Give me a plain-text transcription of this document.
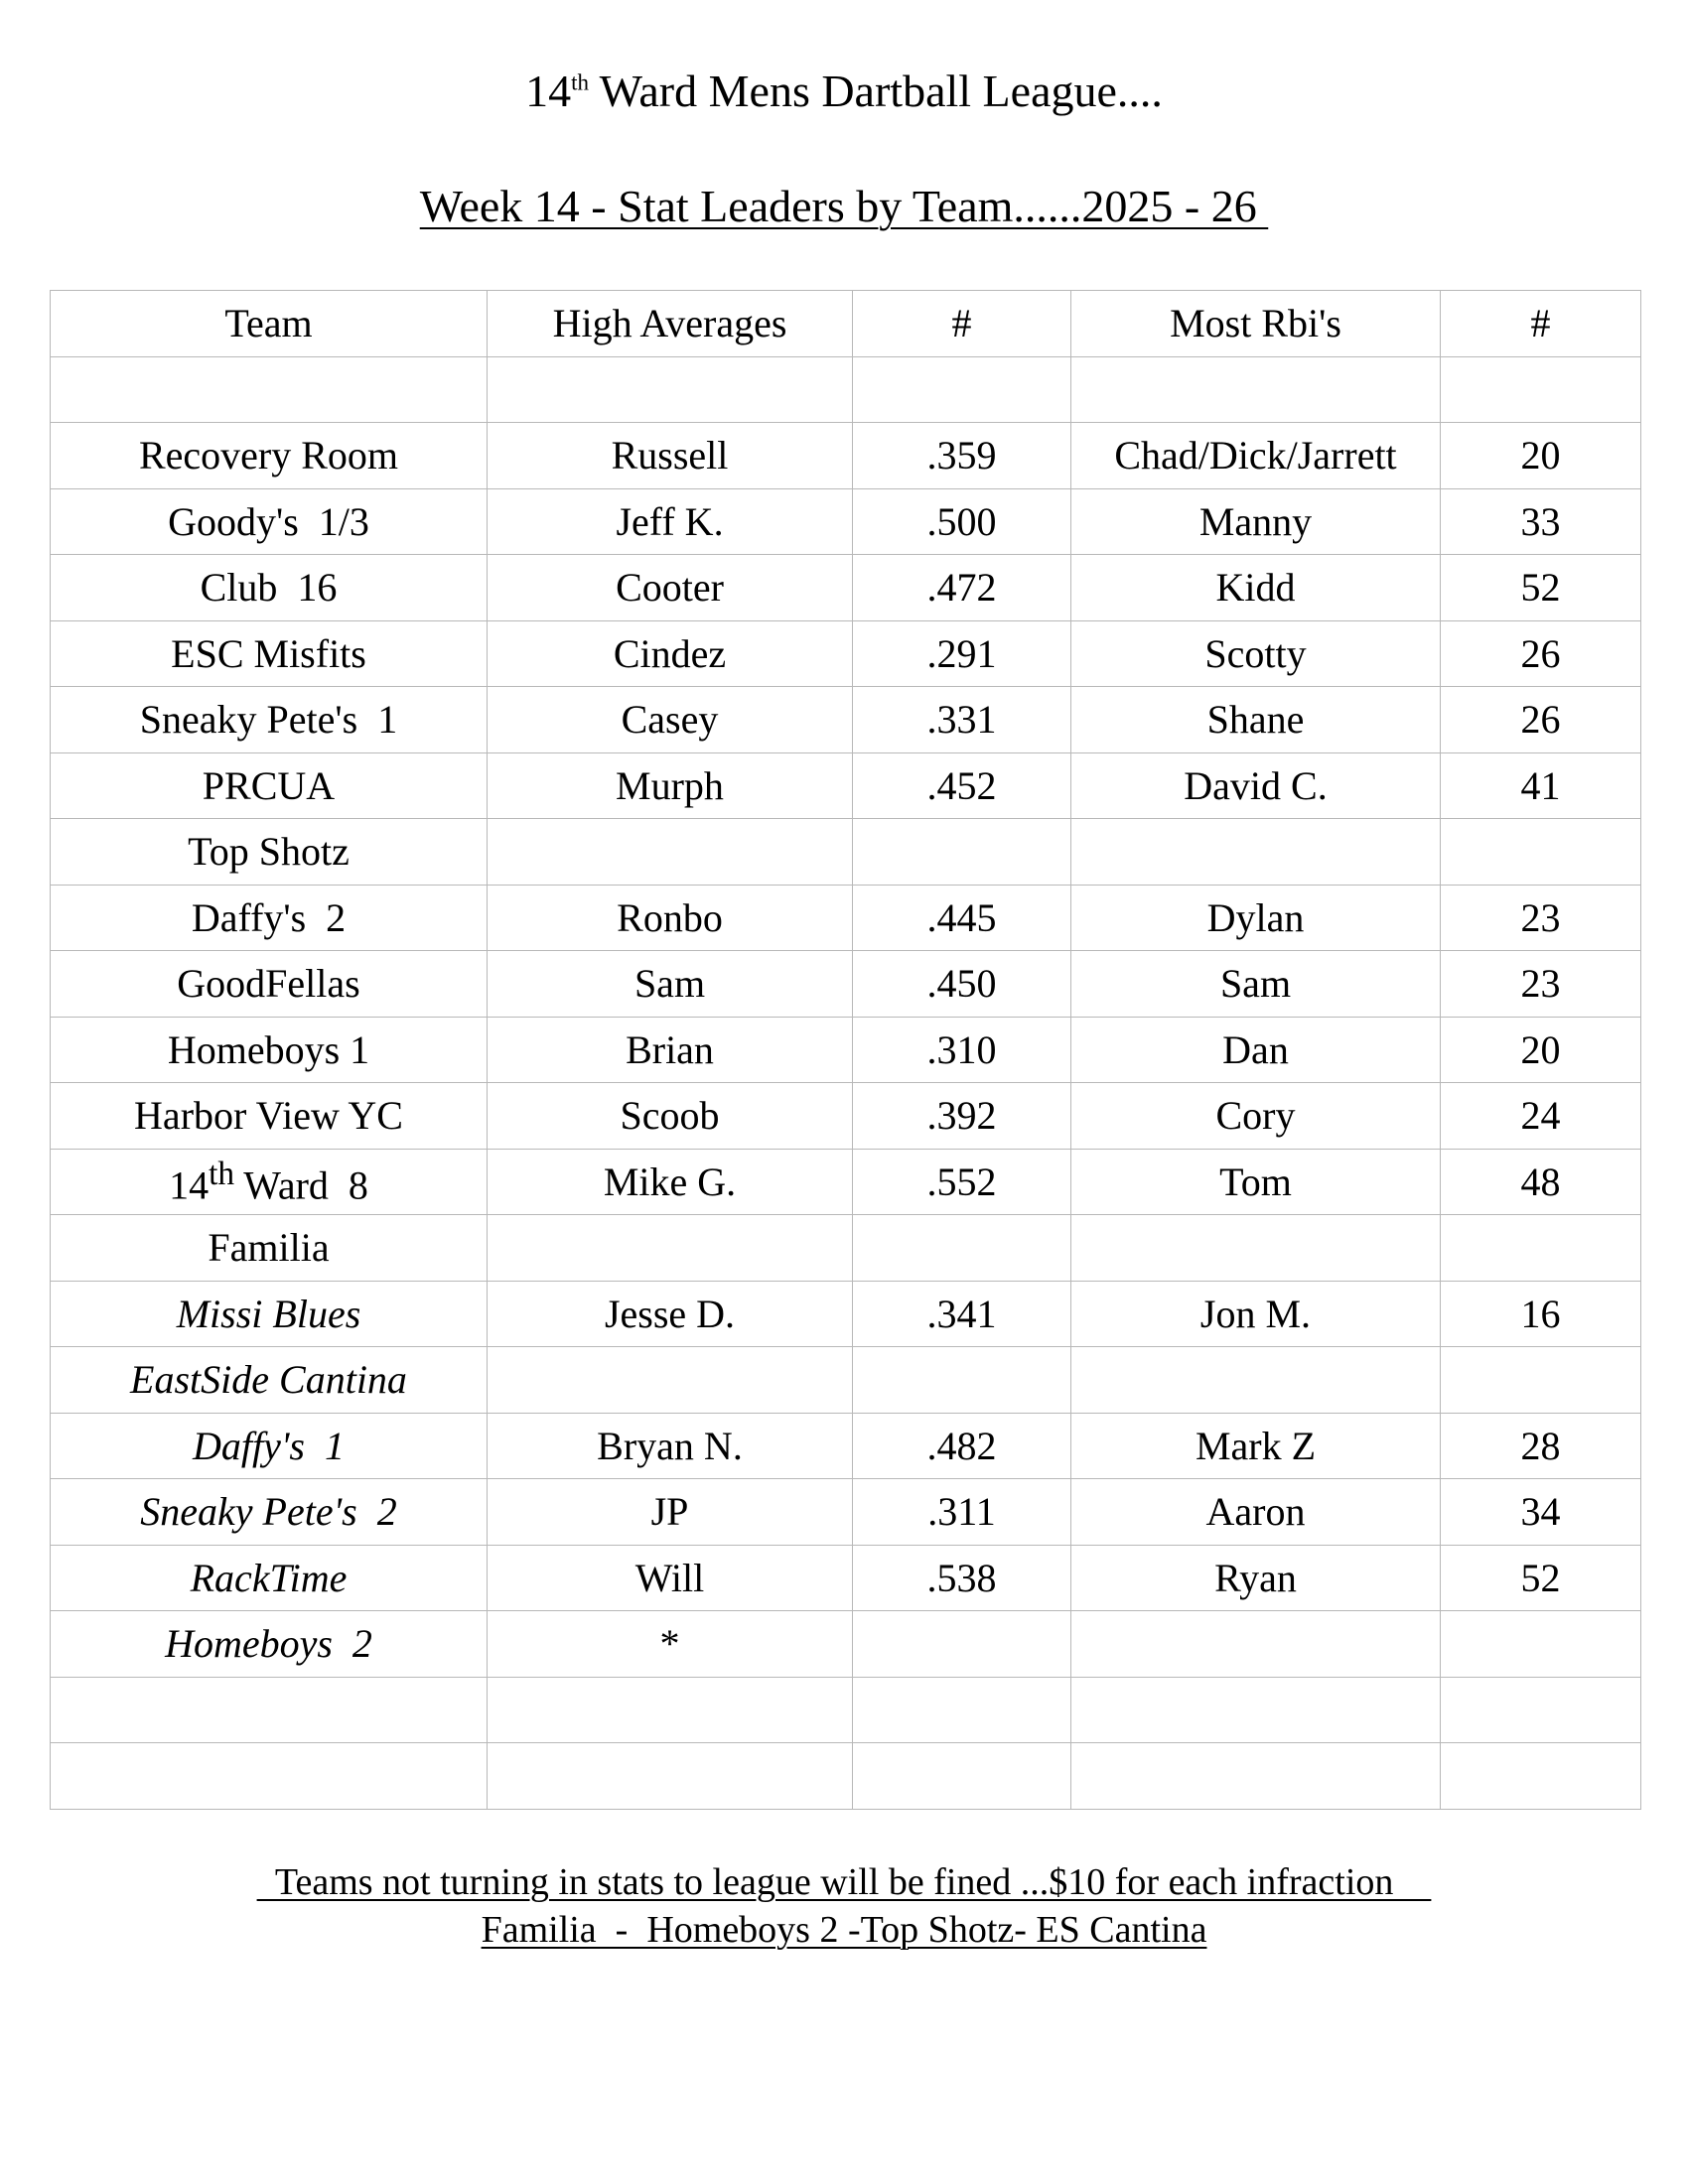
14th Ward Mens Dartball League....
Week 14 - Stat Leaders by Team......2025 - 26
Team	High Averages	#	Most Rbi's	#

Recovery Room	Russell	.359	Chad/Dick/Jarrett	20
Goody's  1/3	Jeff K.	.500	Manny	33
Club  16	Cooter	.472	Kidd	52
ESC Misfits	Cindez	.291	Scotty	26
Sneaky Pete's  1	Casey	.331	Shane	26
PRCUA	Murph	.452	David C.	41
Top Shotz				
Daffy's  2	Ronbo	.445	Dylan	23
GoodFellas	Sam	.450	Sam	23
Homeboys 1	Brian	.310	Dan	20
Harbor View YC	Scoob	.392	Cory	24
14th Ward  8	Mike G.	.552	Tom	48
Familia				
Missi Blues	Jesse D.	.341	Jon M.	16
EastSide Cantina				
Daffy's  1	Bryan N.	.482	Mark Z	28
Sneaky Pete's  2	JP	.311	Aaron	34
RackTime	Will	.538	Ryan	52
Homeboys  2	*			

Teams not turning in stats to league will be fined ...$10 for each infraction
Familia  -  Homeboys 2 -Top Shotz- ES Cantina
